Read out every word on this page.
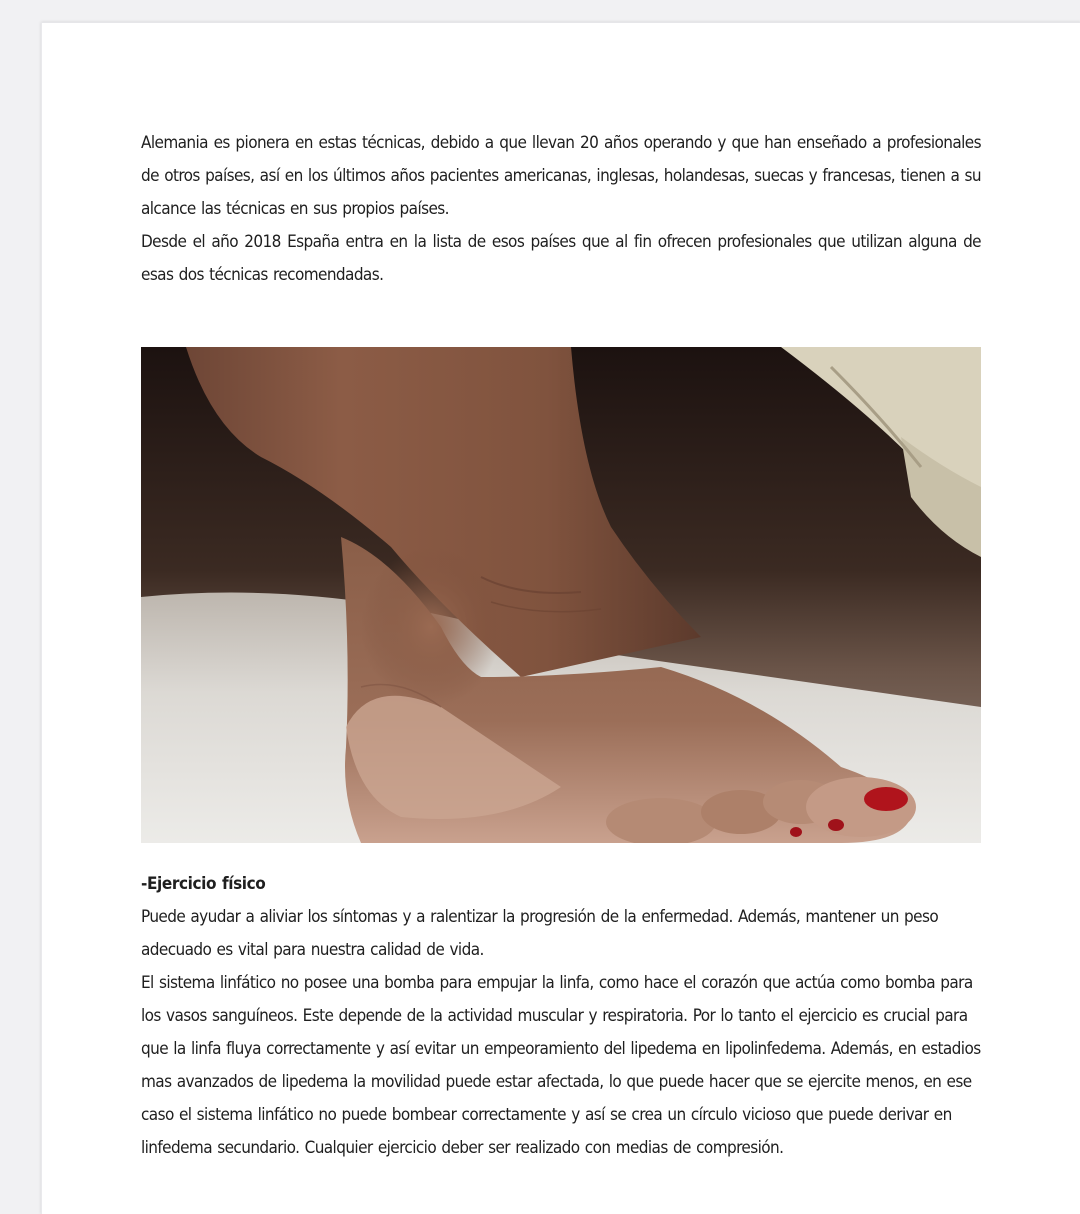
Alemania es pionera en estas técnicas, debido a que llevan 20 años operando y que han enseñado a profesionales de otros países, así en los últimos años pacientes americanas, inglesas, holandesas, suecas y francesas, tienen a su alcance las técnicas en sus propios países.

Desde el año 2018 España entra en la lista de esos países que al fin ofrecen profesionales que utilizan alguna de esas dos técnicas recomendadas.

-Ejercicio físico

Puede ayudar a aliviar los síntomas y a ralentizar la progresión de la enfermedad. Además, mantener un peso adecuado es vital para nuestra calidad de vida.

El sistema linfático no posee una bomba para empujar la linfa, como hace el corazón que actúa como bomba para los vasos sanguíneos. Este depende de la actividad muscular y respiratoria. Por lo tanto el ejercicio es crucial para que la linfa fluya correctamente y así evitar un empeoramiento del lipedema en lipolinfedema. Además, en estadios mas avanzados de lipedema la movilidad puede estar afectada, lo que puede hacer que se ejercite menos, en ese caso el sistema linfático no puede bombear correctamente y así se crea un círculo vicioso que puede derivar en linfedema secundario. Cualquier ejercicio deber ser realizado con medias de compresión.
